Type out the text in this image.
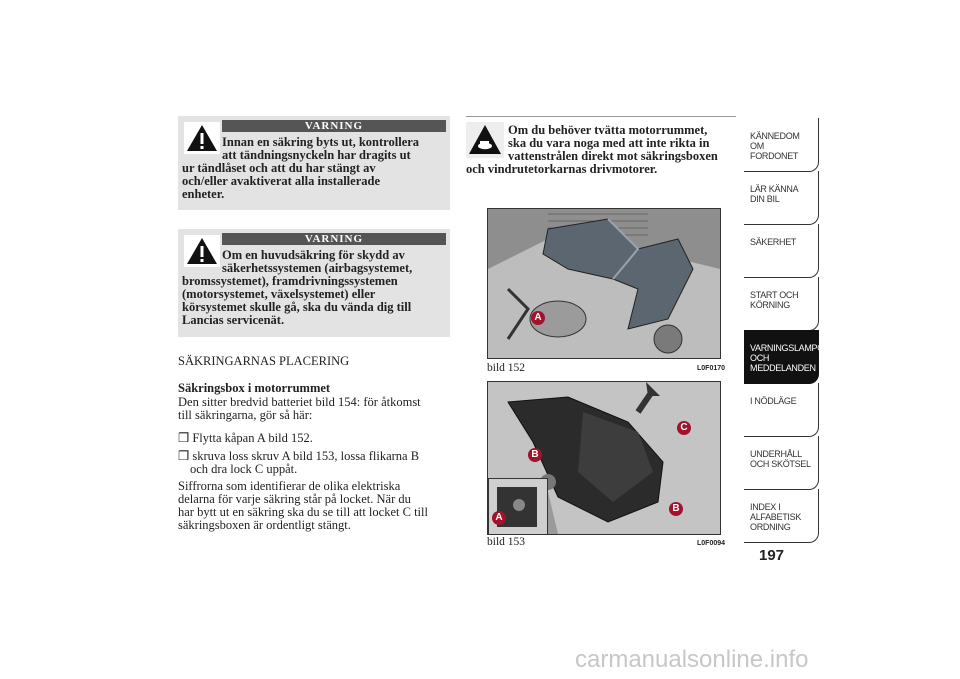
VARNING
Innan en säkring byts ut, kontrollera
att tändningsnyckeln har dragits ut
ur tändlåset och att du har stängt av
och/eller avaktiverat alla installerade
enheter.
VARNING
Om en huvudsäkring för skydd av
säkerhetssystemen (airbagsystemet,
bromssystemet), framdrivningssystemen
(motorsystemet, växelsystemet) eller
körsystemet skulle gå, ska du vända dig till
Lancias servicenät.
SÄKRINGARNAS PLACERING
Säkringsbox i motorrummet
Den sitter bredvid batteriet bild 154: för åtkomst
till säkringarna, gör så här:
❒ Flytta kåpan A bild 152.
❒ skruva loss skruv A bild 153, lossa flikarna B
och dra lock C uppåt.
Siffrorna som identifierar de olika elektriska
delarna för varje säkring står på locket. När du
har bytt ut en säkring ska du se till att locket C till
säkringsboxen är ordentligt stängt.
Om du behöver tvätta motorrummet,
ska du vara noga med att inte rikta in
vattenstrålen direkt mot säkringsboxen
och vindrutetorkarnas drivmotorer.
A
bild 152	L0F0170
C
B
B
A
bild 153	L0F0094
KÄNNEDOM OM FORDONET
LÄR KÄNNA DIN BIL
SÄKERHET
START OCH KÖRNING
VARNINGSLAMPOR OCH MEDDELANDEN
I NÖDLÄGE
UNDERHÅLL OCH SKÖTSEL
INDEX I ALFABETISK ORDNING
197
carmanualsonline.info
